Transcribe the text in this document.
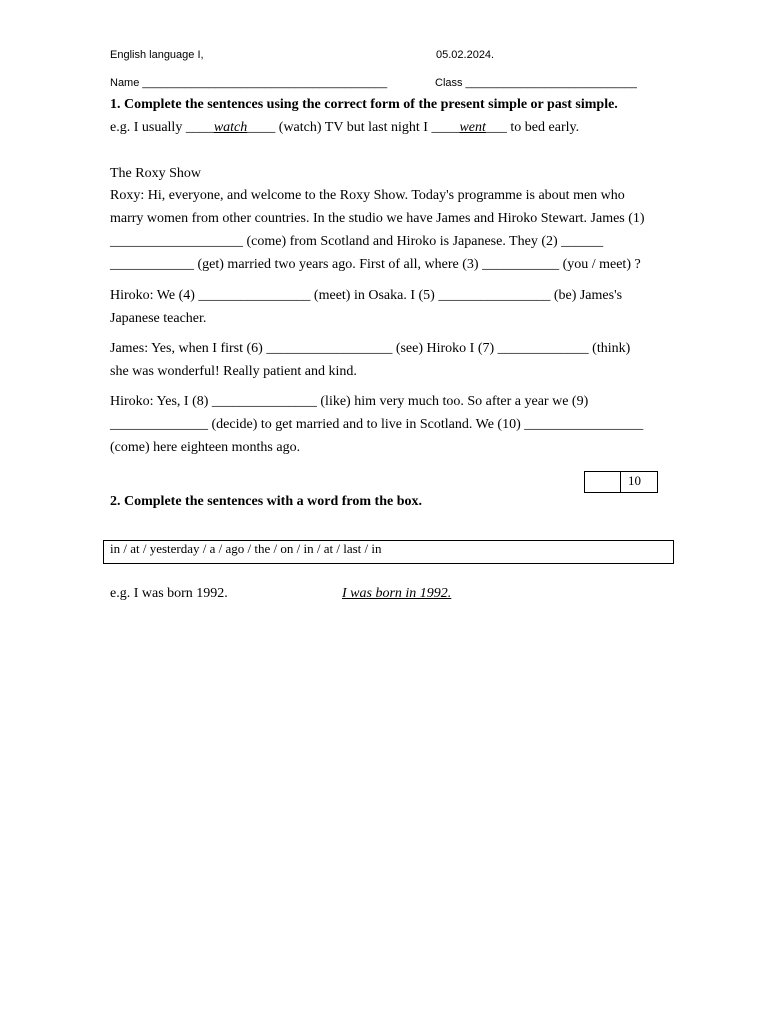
English language I,	05.02.2024.
Name ________________________________________	Class ____________________________
1. Complete the sentences using the correct form of the present simple or past simple.
e.g. I usually ____watch____ (watch) TV but last night I ____went___ to bed early.
The Roxy Show
Roxy: Hi, everyone, and welcome to the Roxy Show. Today's programme is about men who
marry women from other countries. In the studio we have James and Hiroko Stewart. James (1)
___________________ (come) from Scotland and Hiroko is Japanese. They (2) ______
____________ (get) married two years ago. First of all, where (3) ___________ (you / meet) ?
Hiroko: We (4) ________________ (meet) in Osaka. I (5) ________________ (be) James's
Japanese teacher.
James: Yes, when I first (6) __________________ (see) Hiroko I (7) _____________ (think)
she was wonderful! Really patient and kind.
Hiroko: Yes, I (8) _______________ (like) him very much too. So after a year we (9)
______________ (decide) to get married and to live in Scotland. We (10) _________________
(come) here eighteen months ago.
10
2. Complete the sentences with a word from the box.
in / at / yesterday / a / ago / the / on / in / at / last / in
e.g. I was born 1992.	I was born in 1992.
